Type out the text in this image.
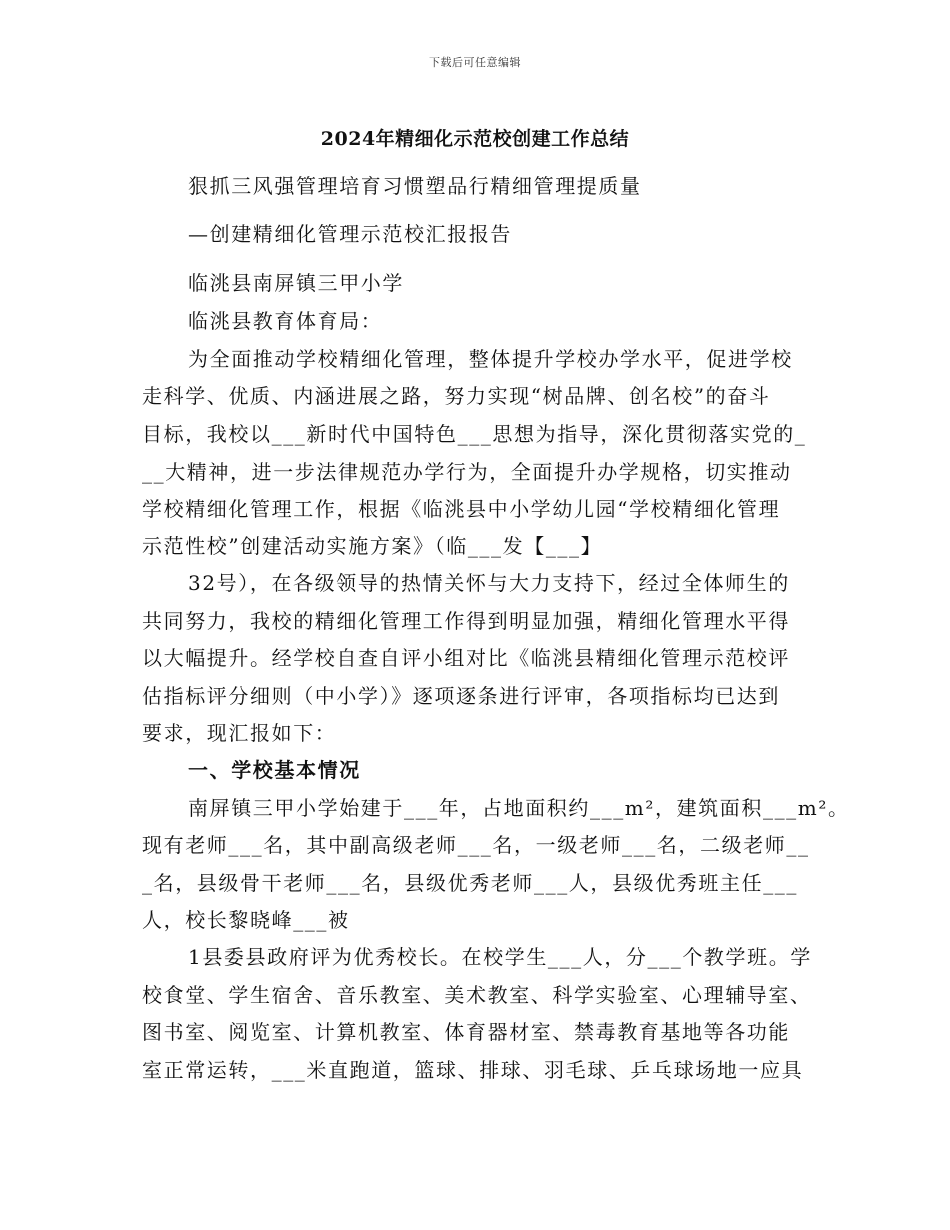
下载后可任意编辑
2024年精细化示范校创建工作总结
狠抓三风强管理培育习惯塑品行精细管理提质量
—创建精细化管理示范校汇报报告
临洮县南屏镇三甲小学
临洮县教育体育局：
为全面推动学校精细化管理，整体提升学校办学水平，促进学校
走科学、优质、内涵进展之路，努力实现“树品牌、创名校”的奋斗
目标，我校以___新时代中国特色___思想为指导，深化贯彻落实党的_
__大精神，进一步法律规范办学行为，全面提升办学规格，切实推动
学校精细化管理工作，根据《临洮县中小学幼儿园“学校精细化管理
示范性校”创建活动实施方案》（临___发【___】
32号），在各级领导的热情关怀与大力支持下，经过全体师生的
共同努力，我校的精细化管理工作得到明显加强，精细化管理水平得
以大幅提升。经学校自查自评小组对比《临洮县精细化管理示范校评
估指标评分细则（中小学）》逐项逐条进行评审，各项指标均已达到
要求，现汇报如下：
一、学校基本情况
南屏镇三甲小学始建于___年，占地面积约___m²，建筑面积___m²。
现有老师___名，其中副高级老师___名，一级老师___名，二级老师__
_名，县级骨干老师___名，县级优秀老师___人，县级优秀班主任___
人，校长黎晓峰___被
1县委县政府评为优秀校长。在校学生___人，分___个教学班。学
校食堂、学生宿舍、音乐教室、美术教室、科学实验室、心理辅导室、
图书室、阅览室、计算机教室、体育器材室、禁毒教育基地等各功能
室正常运转，___米直跑道，篮球、排球、羽毛球、乒乓球场地一应具
